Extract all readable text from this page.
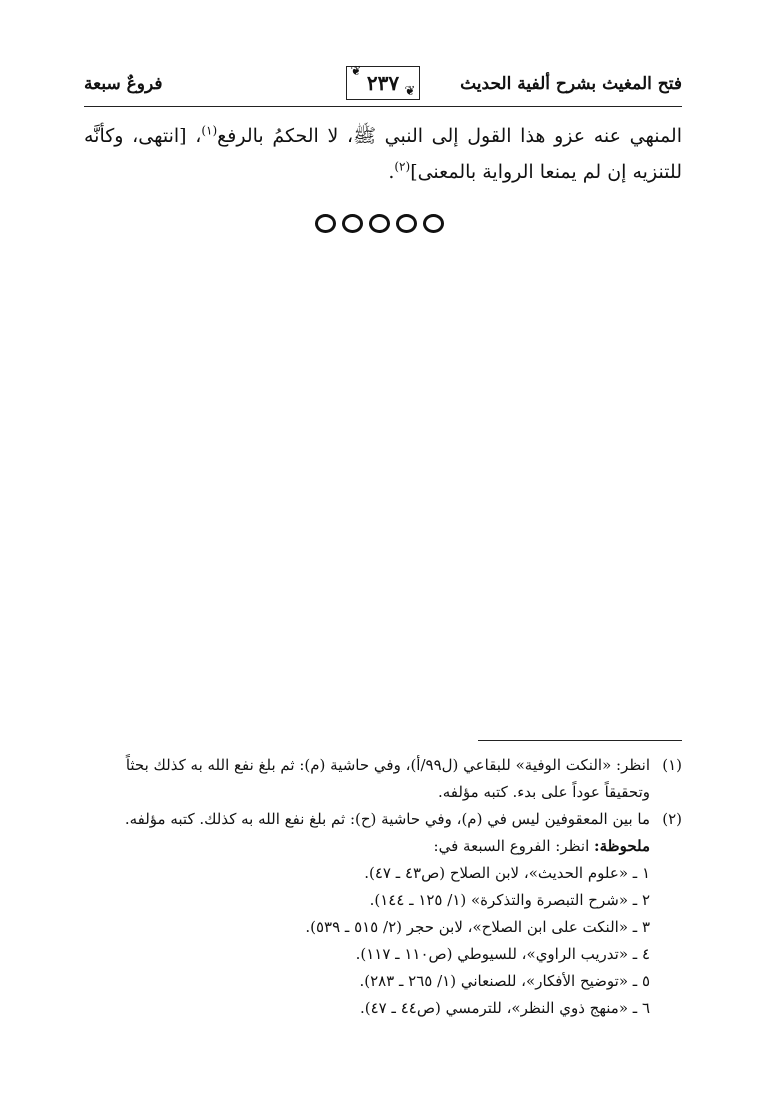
فتح المغيث بشرح ألفية الحديث
❦ ٢٣٧ ❦
فروعٌ سبعة

المنهي عنه عزو هذا القول إلى النبي ﷺ، لا الحكمُ بالرفع$^{(١)}$، [انتهى، وكأنَّه للتنزيه إن لم يمنعا الرواية بالمعنى]$^{(٢)}$.

(١)
انظر: «النكت الوفية» للبقاعي (ل٩٩/أ)، وفي حاشية (م): ثم بلغ نفع الله به كذلك بحثاً وتحقيقاً عوداً على بدء. كتبه مؤلفه.

(٢)
ما بين المعقوفين ليس في (م)، وفي حاشية (ح): ثم بلغ نفع الله به كذلك. كتبه مؤلفه.

ملحوظة: انظر: الفروع السبعة في:

١ ـ «علوم الحديث»، لابن الصلاح (ص٤٣ ـ ٤٧).

٢ ـ «شرح التبصرة والتذكرة» (١/ ١٢٥ ـ ١٤٤).

٣ ـ «النكت على ابن الصلاح»، لابن حجر (٢/ ٥١٥ ـ ٥٣٩).

٤ ـ «تدريب الراوي»، للسيوطي (ص١١٠ ـ ١١٧).

٥ ـ «توضيح الأفكار»، للصنعاني (١/ ٢٦٥ ـ ٢٨٣).

٦ ـ «منهج ذوي النظر»، للترمسي (ص٤٤ ـ ٤٧).
